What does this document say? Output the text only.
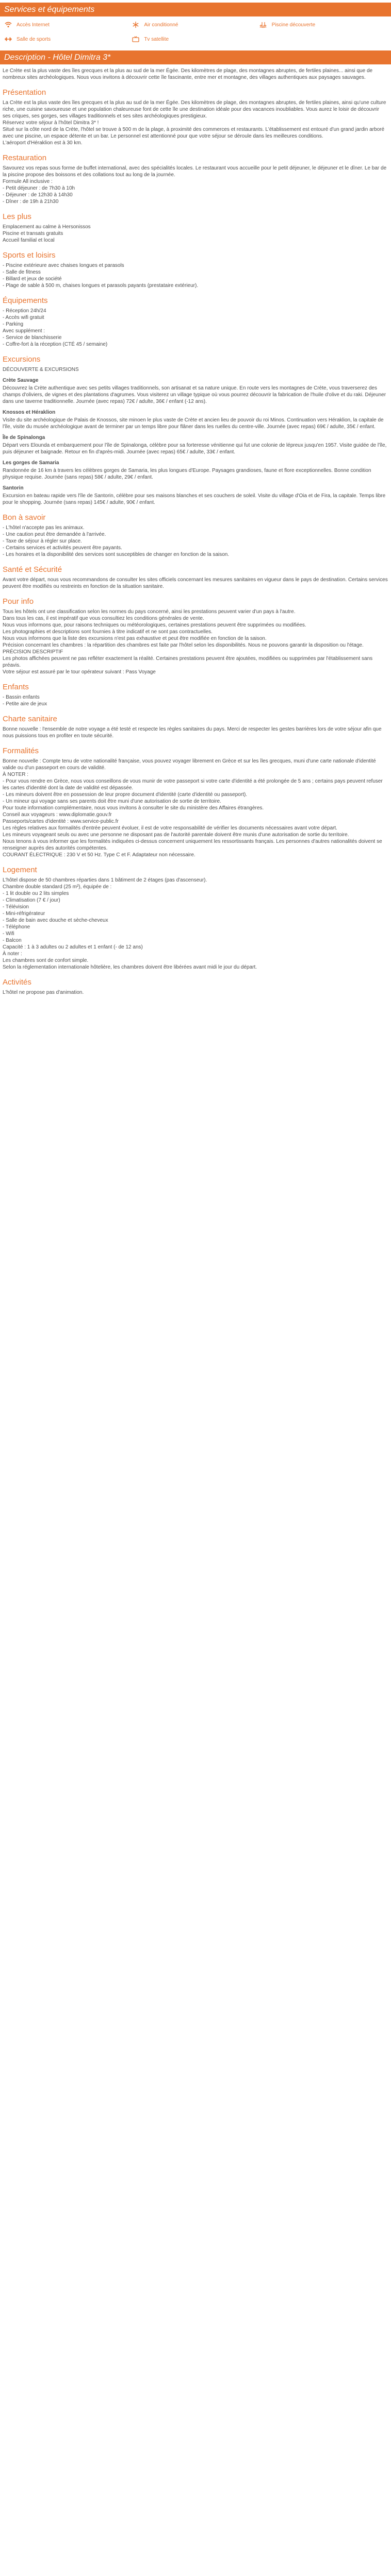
Services et équipements
Accès Internet	Air conditionné	Piscine découverte
Salle de sports	Tv satellite
Description - Hôtel Dimitra 3*

Le Crète est la plus vaste des îles grecques et la plus au sud de la mer Égée. Des kilomètres de plage, des montagnes abruptes, de fertiles plaines... ainsi que de nombreux sites archéologiques. Nous vous invitons à découvrir cette île fascinante, entre mer et montagne, des villages authentiques aux paysages sauvages.

Présentation

La Crète est la plus vaste des îles grecques et la plus au sud de la mer Égée. Des kilomètres de plage, des montagnes abruptes, de fertiles plaines, ainsi qu'une culture riche, une cuisine savoureuse et une population chaleureuse font de cette île une destination idéale pour des vacances inoubliables. Vous aurez le loisir de découvrir ses criques, ses gorges, ses villages traditionnels et ses sites archéologiques prestigieux.

Réservez votre séjour à l'hôtel Dimitra 3* !

Situé sur la côte nord de la Crète, l'hôtel se trouve à 500 m de la plage, à proximité des commerces et restaurants. L'établissement est entouré d'un grand jardin arboré avec une piscine, un espace détente et un bar. Le personnel est attentionné pour que votre séjour se déroule dans les meilleures conditions.

L'aéroport d'Héraklion est à 30 km.

Restauration

Savourez vos repas sous forme de buffet international, avec des spécialités locales. Le restaurant vous accueille pour le petit déjeuner, le déjeuner et le dîner. Le bar de la piscine propose des boissons et des collations tout au long de la journée.

Formule All inclusive :

- Petit déjeuner : de 7h30 à 10h

- Déjeuner : de 12h30 à 14h30

- Dîner : de 19h à 21h30

Les plus

Emplacement au calme à Hersonissos

Piscine et transats gratuits

Accueil familial et local

Sports et loisirs

- Piscine extérieure avec chaises longues et parasols

- Salle de fitness

- Billard et jeux de société

- Plage de sable à 500 m, chaises longues et parasols payants (prestataire extérieur).

Équipements

- Réception 24h/24

- Accès wifi gratuit

- Parking

Avec supplément :

- Service de blanchisserie

- Coffre-fort à la réception (CTÉ 45 / semaine)

Excursions

DÉCOUVERTE & EXCURSIONS

Crète Sauvage

Découvrez la Crète authentique avec ses petits villages traditionnels, son artisanat et sa nature unique. En route vers les montagnes de Crète, vous traverserez des champs d'oliviers, de vignes et des plantations d'agrumes. Vous visiterez un village typique où vous pourrez découvrir la fabrication de l'huile d'olive et du raki. Déjeuner dans une taverne traditionnelle. Journée (avec repas) 72€ / adulte, 36€ / enfant (-12 ans).

Knossos et Héraklion

Visite du site archéologique de Palais de Knossos, site minoen le plus vaste de Crète et ancien lieu de pouvoir du roi Minos. Continuation vers Héraklion, la capitale de l'île, visite du musée archéologique avant de terminer par un temps libre pour flâner dans les ruelles du centre-ville. Journée (avec repas) 69€ / adulte, 35€ / enfant.

Île de Spinalonga

Départ vers Elounda et embarquement pour l'île de Spinalonga, célèbre pour sa forteresse vénitienne qui fut une colonie de lépreux jusqu'en 1957. Visite guidée de l'île, puis déjeuner et baignade. Retour en fin d'après-midi. Journée (avec repas) 65€ / adulte, 33€ / enfant.

Les gorges de Samaria

Randonnée de 16 km à travers les célèbres gorges de Samaria, les plus longues d'Europe. Paysages grandioses, faune et flore exceptionnelles. Bonne condition physique requise. Journée (sans repas) 58€ / adulte, 29€ / enfant.

Santorin

Excursion en bateau rapide vers l'île de Santorin, célèbre pour ses maisons blanches et ses couchers de soleil. Visite du village d'Oia et de Fira, la capitale. Temps libre pour le shopping. Journée (sans repas) 145€ / adulte, 90€ / enfant.

Bon à savoir

- L'hôtel n'accepte pas les animaux.

- Une caution peut être demandée à l'arrivée.

- Taxe de séjour à régler sur place.

- Certains services et activités peuvent être payants.

- Les horaires et la disponibilité des services sont susceptibles de changer en fonction de la saison.

Santé et Sécurité

Avant votre départ, nous vous recommandons de consulter les sites officiels concernant les mesures sanitaires en vigueur dans le pays de destination. Certains services peuvent être modifiés ou restreints en fonction de la situation sanitaire.

Pour info

Tous les hôtels ont une classification selon les normes du pays concerné, ainsi les prestations peuvent varier d'un pays à l'autre.

Dans tous les cas, il est impératif que vous consultiez les conditions générales de vente.

Nous vous informons que, pour raisons techniques ou météorologiques, certaines prestations peuvent être supprimées ou modifiées.

Les photographies et descriptions sont fournies à titre indicatif et ne sont pas contractuelles.

Nous vous informons que la liste des excursions n'est pas exhaustive et peut être modifiée en fonction de la saison.

Précision concernant les chambres : la répartition des chambres est faite par l'hôtel selon les disponibilités. Nous ne pouvons garantir la disposition ou l'étage.

PRÉCISION DESCRIPTIF

Les photos affichées peuvent ne pas refléter exactement la réalité. Certaines prestations peuvent être ajoutées, modifiées ou supprimées par l'établissement sans préavis.

Votre séjour est assuré par le tour opérateur suivant : Pass Voyage

Enfants

- Bassin enfants

- Petite aire de jeux

Charte sanitaire

Bonne nouvelle : l'ensemble de notre voyage a été testé et respecte les règles sanitaires du pays. Merci de respecter les gestes barrières lors de votre séjour afin que nous puissions tous en profiter en toute sécurité.

Formalités

Bonne nouvelle : Compte tenu de votre nationalité française, vous pouvez voyager librement en Grèce et sur les îles grecques, muni d'une carte nationale d'identité valide ou d'un passeport en cours de validité.

À NOTER :

- Pour vous rendre en Grèce, nous vous conseillons de vous munir de votre passeport si votre carte d'identité a été prolongée de 5 ans ; certains pays peuvent refuser les cartes d'identité dont la date de validité est dépassée.

- Les mineurs doivent être en possession de leur propre document d'identité (carte d'identité ou passeport).

- Un mineur qui voyage sans ses parents doit être muni d'une autorisation de sortie de territoire.

Pour toute information complémentaire, nous vous invitons à consulter le site du ministère des Affaires étrangères.

Conseil aux voyageurs : www.diplomatie.gouv.fr

Passeports/cartes d'identité : www.service-public.fr

Les règles relatives aux formalités d'entrée peuvent évoluer, il est de votre responsabilité de vérifier les documents nécessaires avant votre départ.

Les mineurs voyageant seuls ou avec une personne ne disposant pas de l'autorité parentale doivent être munis d'une autorisation de sortie du territoire.

Nous tenons à vous informer que les formalités indiquées ci-dessus concernent uniquement les ressortissants français. Les personnes d'autres nationalités doivent se renseigner auprès des autorités compétentes.

COURANT ÉLECTRIQUE : 230 V et 50 Hz. Type C et F. Adaptateur non nécessaire.

Logement

L'hôtel dispose de 50 chambres réparties dans 1 bâtiment de 2 étages (pas d'ascenseur).

Chambre double standard (25 m²), équipée de :

- 1 lit double ou 2 lits simples

- Climatisation (7 € / jour)

- Télévision

- Mini-réfrigérateur

- Salle de bain avec douche et sèche-cheveux

- Téléphone

- Wifi

- Balcon

Capacité : 1 à 3 adultes ou 2 adultes et 1 enfant (- de 12 ans)

À noter :

Les chambres sont de confort simple.

Selon la réglementation internationale hôtelière, les chambres doivent être libérées avant midi le jour du départ.

Activités

L'hôtel ne propose pas d'animation.
